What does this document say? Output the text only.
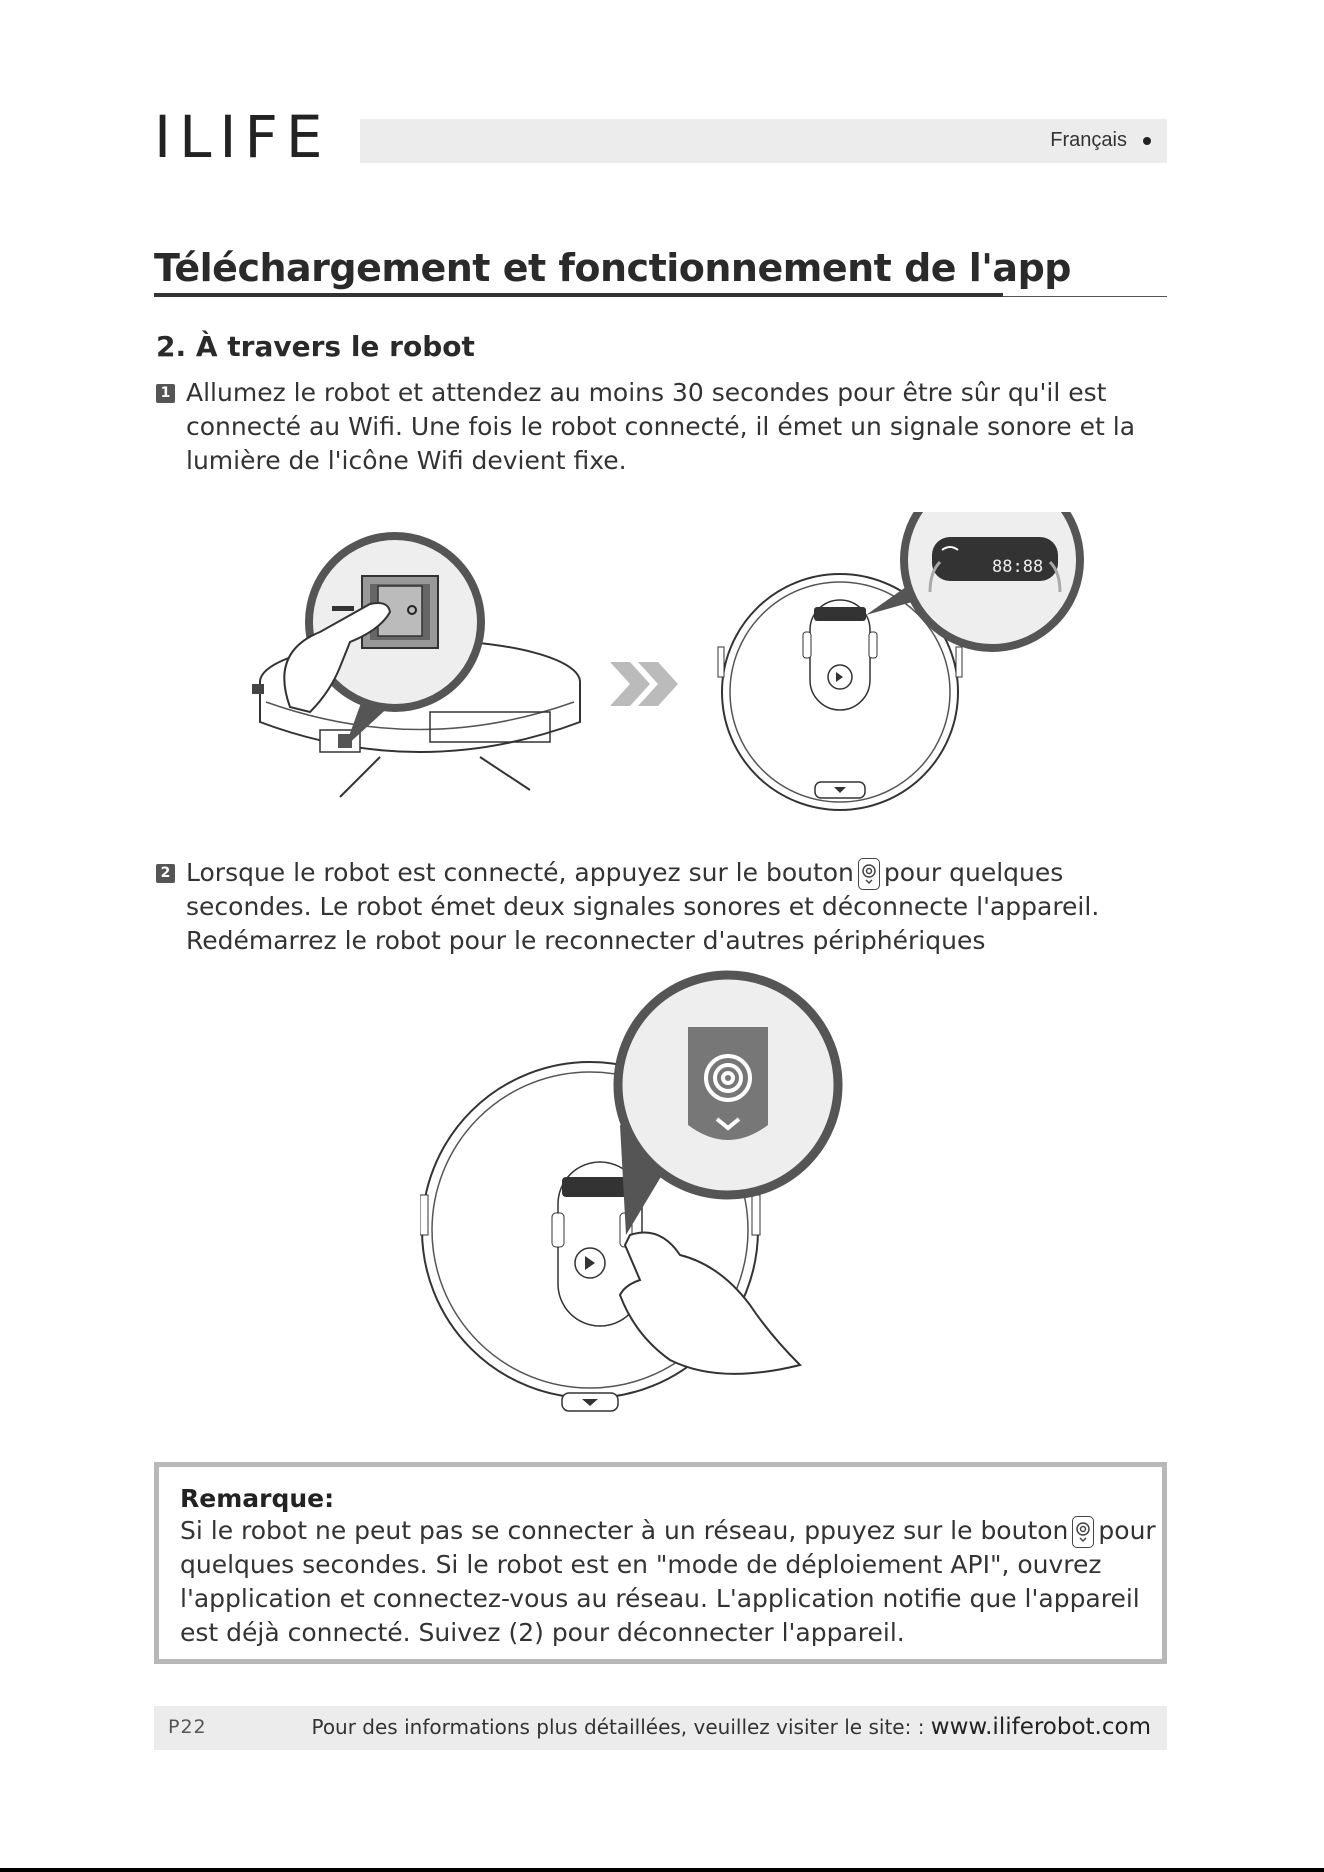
ILIFE	Français
Téléchargement et fonctionnement de l'app
2. À travers le robot
1 Allumez le robot et attendez au moins 30 secondes pour être sûr qu'il est connecté au Wifi. Une fois le robot connecté, il émet un signale sonore et la lumière de l'icône Wifi devient fixe.
88:88
2 Lorsque le robot est connecté, appuyez sur le bouton pour quelques secondes. Le robot émet deux signales sonores et déconnecte l'appareil. Redémarrez le robot pour le reconnecter d'autres périphériques
Remarque:
Si le robot ne peut pas se connecter à un réseau, ppuyez sur le bouton pour quelques secondes. Si le robot est en "mode de déploiement API", ouvrez l'application et connectez-vous au réseau. L'application notifie que l'appareil est déjà connecté. Suivez (2) pour déconnecter l'appareil.
P22	Pour des informations plus détaillées, veuillez visiter le site: : www.iliferobot.com
